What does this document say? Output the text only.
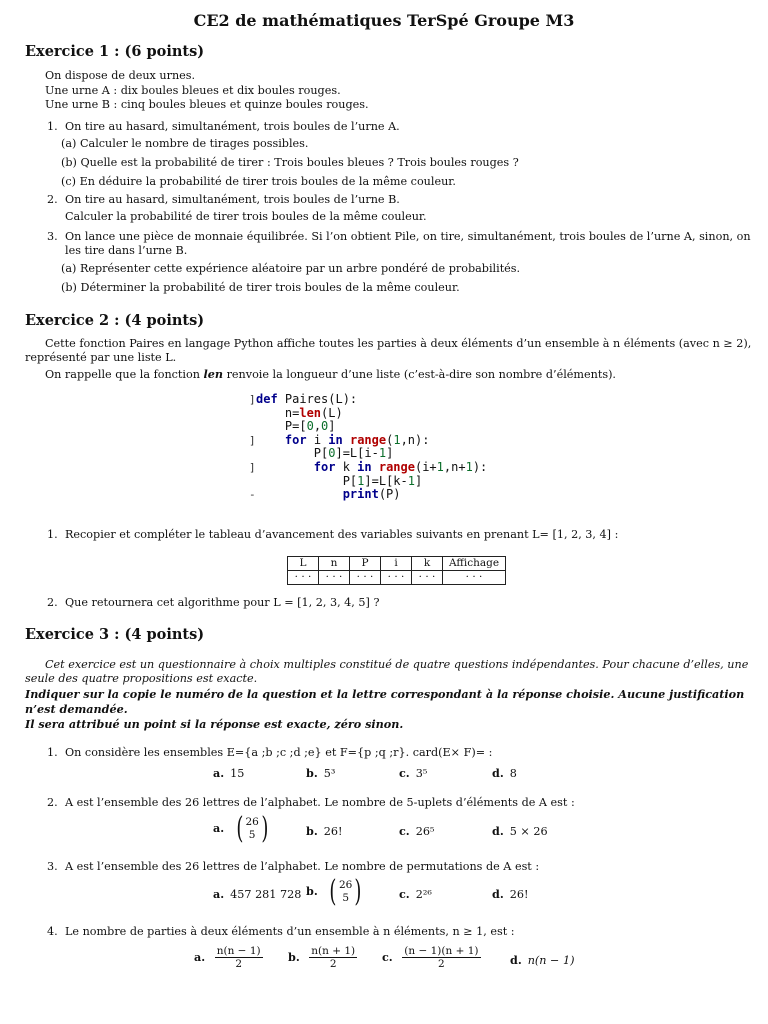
CE2 de mathématiques TerSpé Groupe M3
Exercice 1 : (6 points)
On dispose de deux urnes.
Une urne A : dix boules bleues et dix boules rouges.
Une urne B : cinq boules bleues et quinze boules rouges.
1. On tire au hasard, simultanément, trois boules de l’urne A.
(a) Calculer le nombre de tirages possibles.
(b) Quelle est la probabilité de tirer : Trois boules bleues ? Trois boules rouges ?
(c) En déduire la probabilité de tirer trois boules de la même couleur.
2. On tire au hasard, simultanément, trois boules de l’urne B.
Calculer la probabilité de tirer trois boules de la même couleur.
3. On lance une pièce de monnaie équilibrée. Si l’on obtient Pile, on tire, simultanément, trois boules de l’urne A, sinon, on
les tire dans l’urne B.
(a) Représenter cette expérience aléatoire par un arbre pondéré de probabilités.
(b) Déterminer la probabilité de tirer trois boules de la même couleur.
Exercice 2 : (4 points)
Cette fonction Paires en langage Python affiche toutes les parties à deux éléments d’un ensemble à n éléments (avec n ≥ 2),
représenté par une liste L.
On rappelle que la fonction len renvoie la longueur d’une liste (c’est-à-dire son nombre d’éléments).
] def Paires(L):
n=len(L)
P=[0,0]
] for i in range(1,n):
P[0]=L[i-1]
]	for k in range(i+1,n+1):
P[1]=L[k-1]
-	print(P)
1. Recopier et compléter le tableau d’avancement des variables suivants en prenant L= [1, 2, 3, 4] :
L	n	P	i	k	Affichage
· · ·	· · ·	· · ·	· · ·	· · ·	· · ·
2. Que retournera cet algorithme pour L = [1, 2, 3, 4, 5] ?
Exercice 3 : (4 points)
Cet exercice est un questionnaire à choix multiples constitué de quatre questions indépendantes. Pour chacune d’elles, une
seule des quatre propositions est exacte.
Indiquer sur la copie le numéro de la question et la lettre correspondant à la réponse choisie. Aucune justification
n’est demandée.
Il sera attribué un point si la réponse est exacte, zéro sinon.
1. On considère les ensembles E={a ;b ;c ;d ;e} et F={p ;q ;r}. card(E× F)= :
a. 15	b. 5³	c. 3⁵	d. 8
2. A est l’ensemble des 26 lettres de l’alphabet. Le nombre de 5-uplets d’éléments de A est :
a. ( 26
5 )	b. 26!	c. 26⁵	d. 5 × 26
3. A est l’ensemble des 26 lettres de l’alphabet. Le nombre de permutations de A est :
a. 457 281 728 b. ( 26
5 )	c. 2²⁶	d. 26!
4. Le nombre de parties à deux éléments d’un ensemble à n éléments, n ≥ 1, est :
a. $\frac{n(n - 1)}{2} b$. $\frac{n(n + 1)}{2} c$. $\frac{(n - 1)(n + 1)}{2}$	d. n(n − 1)
